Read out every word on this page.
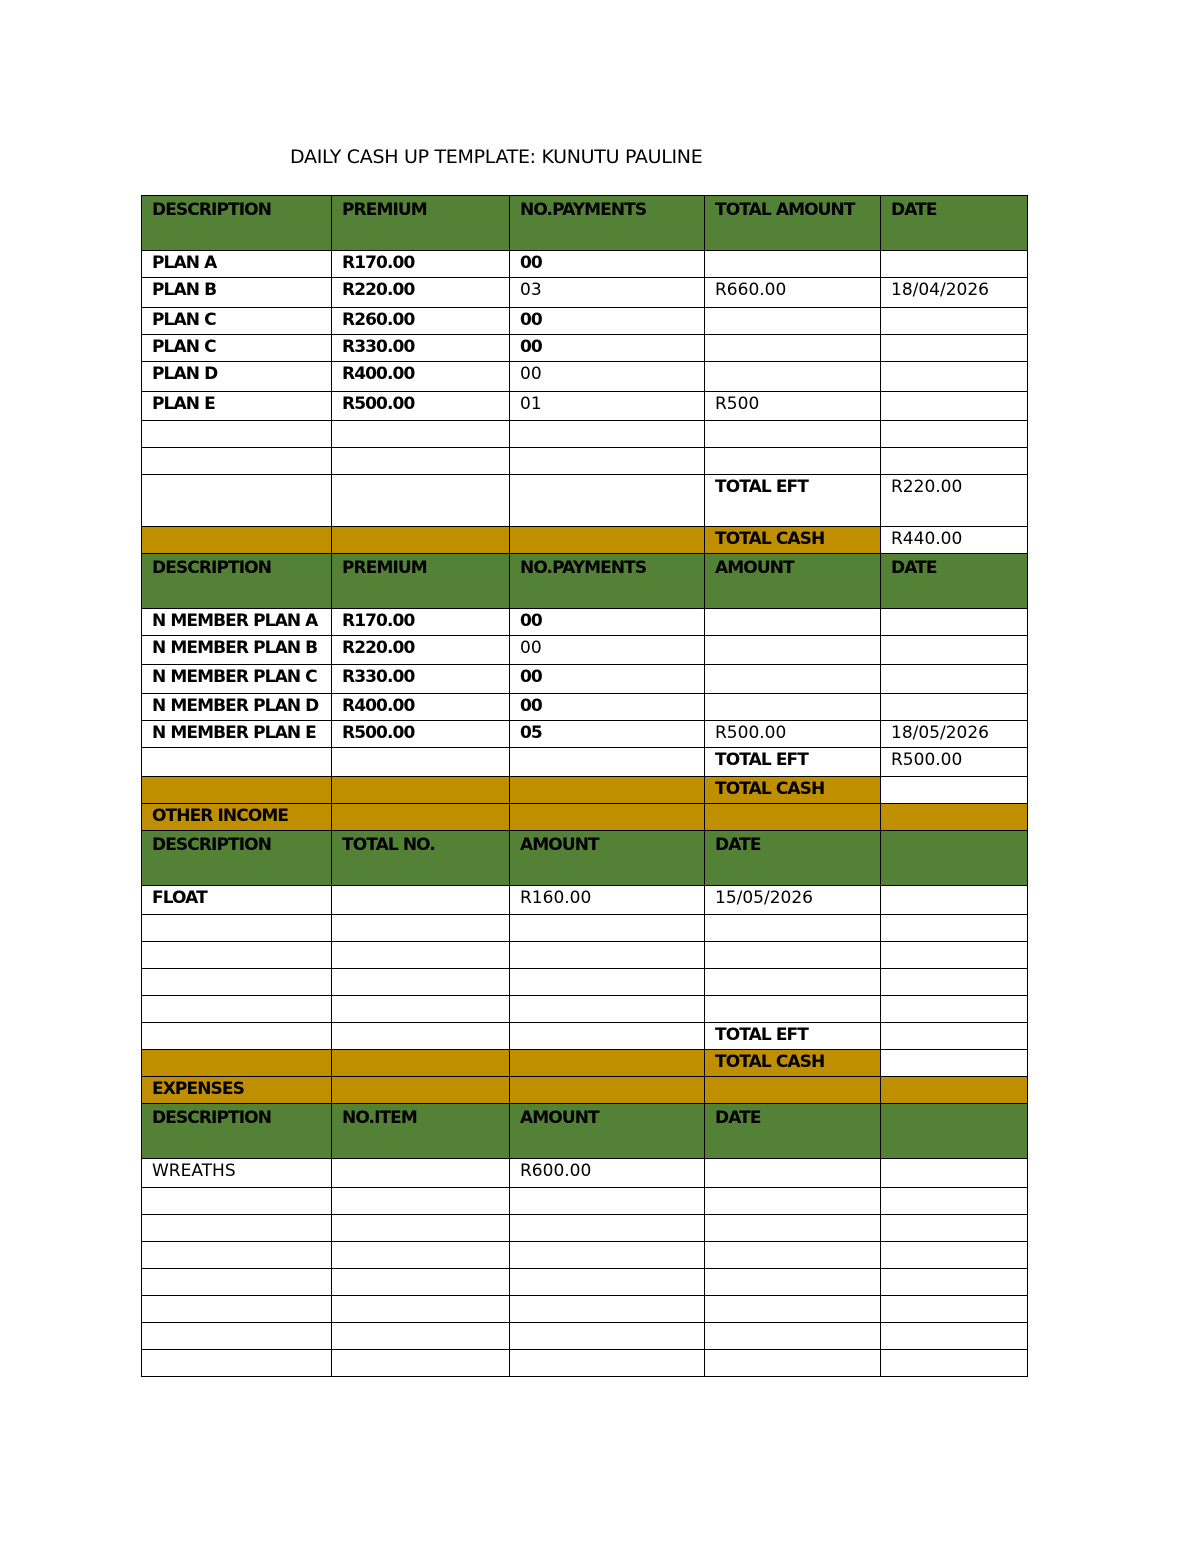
DAILY CASH UP TEMPLATE: KUNUTU PAULINE
DESCRIPTION	PREMIUM	NO.PAYMENTS	TOTAL AMOUNT	DATE
PLAN A	R170.00	00		
PLAN B	R220.00	03	R660.00	18/04/2026
PLAN C	R260.00	00		
PLAN C	R330.00	00		
PLAN D	R400.00	00		
PLAN E	R500.00	01	R500	

			TOTAL EFT	R220.00
			TOTAL CASH	R440.00
DESCRIPTION	PREMIUM	NO.PAYMENTS	AMOUNT	DATE
N MEMBER PLAN A	R170.00	00		
N MEMBER PLAN B	R220.00	00		
N MEMBER PLAN C	R330.00	00		
N MEMBER PLAN D	R400.00	00		
N MEMBER PLAN E	R500.00	05	R500.00	18/05/2026
			TOTAL EFT	R500.00
			TOTAL CASH	
OTHER INCOME				
DESCRIPTION	TOTAL NO.	AMOUNT	DATE	
FLOAT		R160.00	15/05/2026	

			TOTAL EFT	
			TOTAL CASH	
EXPENSES				
DESCRIPTION	NO.ITEM	AMOUNT	DATE	
WREATHS		R600.00		
